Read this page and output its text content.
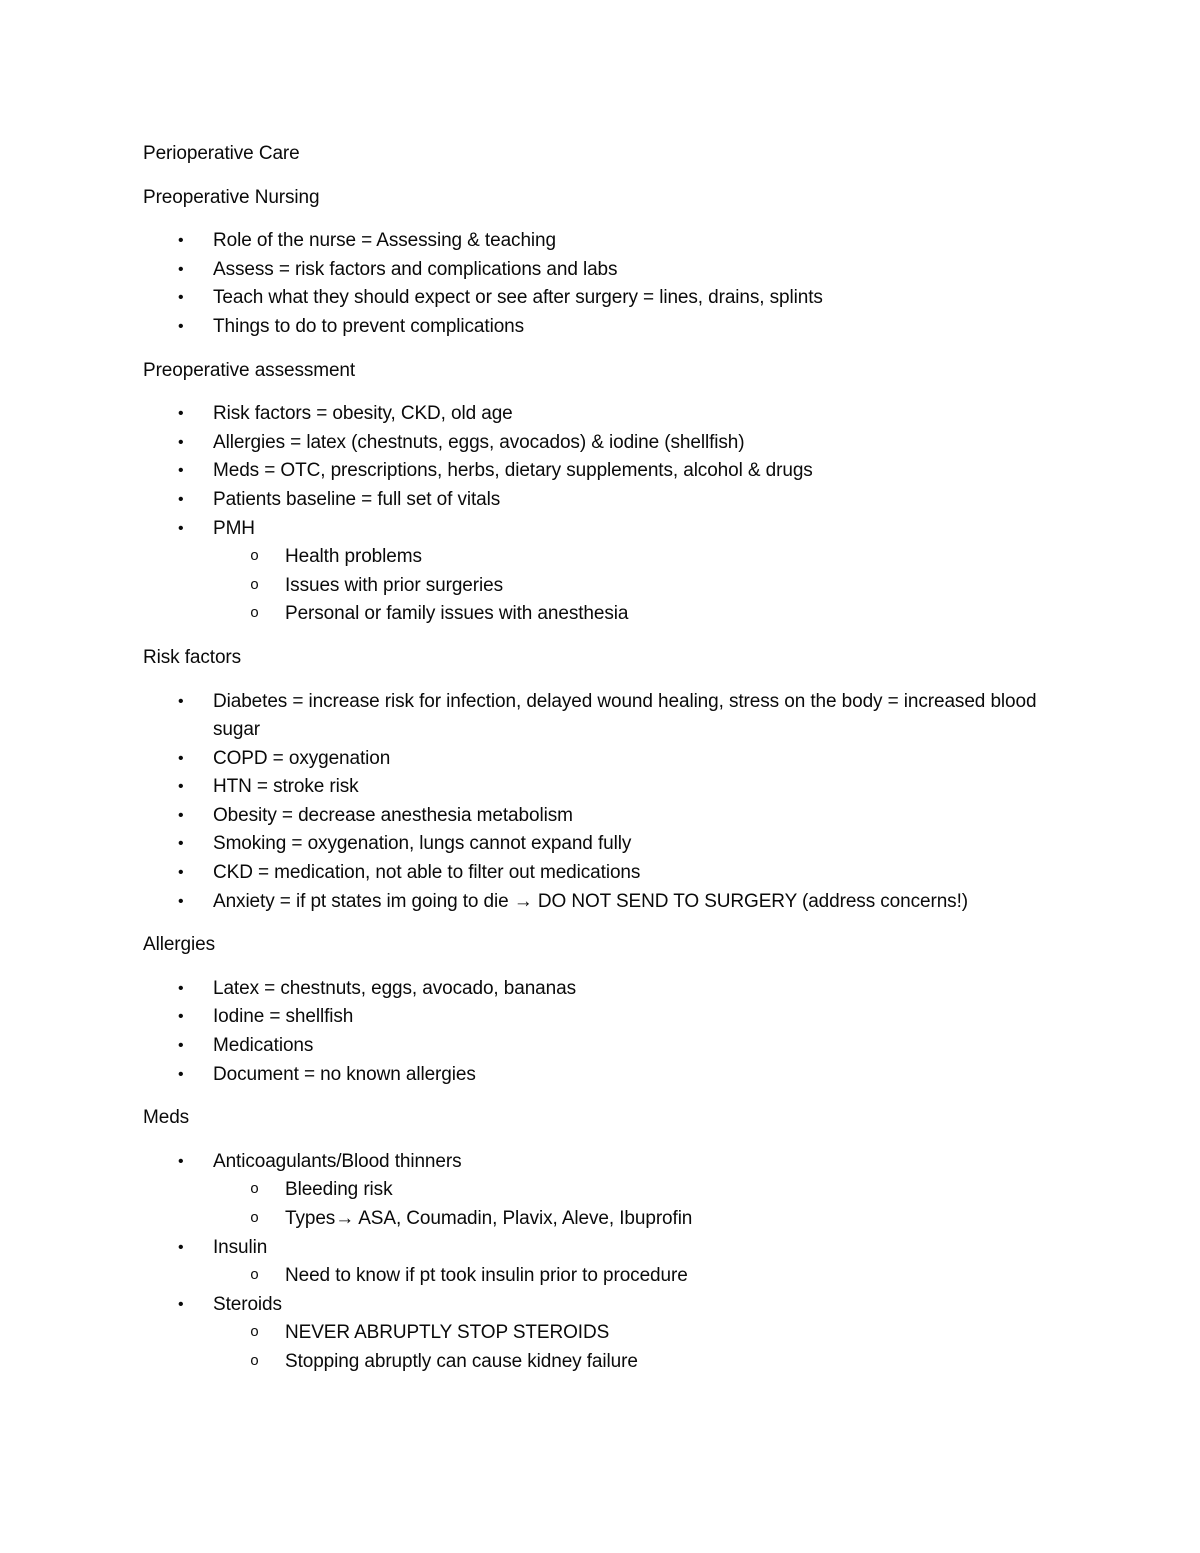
Perioperative Care

Preoperative Nursing

•	Role of the nurse = Assessing & teaching
•	Assess = risk factors and complications and labs
•	Teach what they should expect or see after surgery = lines, drains, splints
•	Things to do to prevent complications

Preoperative assessment

•	Risk factors = obesity, CKD, old age
•	Allergies = latex (chestnuts, eggs, avocados) & iodine (shellfish)
•	Meds = OTC, prescriptions, herbs, dietary supplements, alcohol & drugs
•	Patients baseline = full set of vitals
•	PMH
o	Health problems
o	Issues with prior surgeries
o	Personal or family issues with anesthesia

Risk factors

•	Diabetes = increase risk for infection, delayed wound healing, stress on the body = increased blood sugar
•	COPD = oxygenation
•	HTN = stroke risk
•	Obesity = decrease anesthesia metabolism
•	Smoking = oxygenation, lungs cannot expand fully
•	CKD = medication, not able to filter out medications
•	Anxiety = if pt states im going to die → DO NOT SEND TO SURGERY (address concerns!)

Allergies

•	Latex = chestnuts, eggs, avocado, bananas
•	Iodine = shellfish
•	Medications
•	Document = no known allergies

Meds

•	Anticoagulants/Blood thinners
o	Bleeding risk
o	Types→ ASA, Coumadin, Plavix, Aleve, Ibuprofin
•	Insulin
o	Need to know if pt took insulin prior to procedure
•	Steroids
o	NEVER ABRUPTLY STOP STEROIDS
o	Stopping abruptly can cause kidney failure
